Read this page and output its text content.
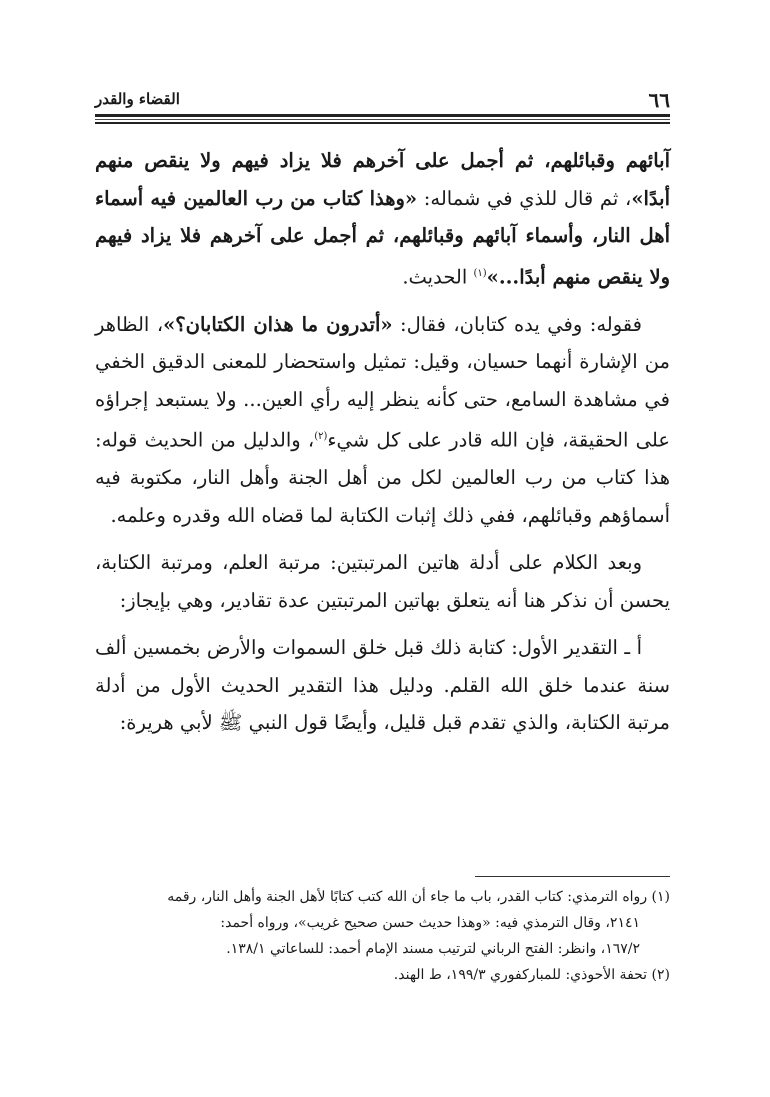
٦٦
القضاء والقدر

آبائهم وقبائلهم، ثم أجمل على آخرهم فلا يزاد فيهم ولا ينقص منهم أبدًا»، ثم قال للذي في شماله: «وهذا كتاب من رب العالمين فيه أسماء أهل النار، وأسماء آبائهم وقبائلهم، ثم أجمل على آخرهم فلا يزاد فيهم ولا ينقص منهم أبدًا...»$^{(١)}$ الحديث.

فقوله: وفي يده كتابان، فقال: «أتدرون ما هذان الكتابان؟»، الظاهر من الإشارة أنهما حسيان، وقيل: تمثيل واستحضار للمعنى الدقيق الخفي في مشاهدة السامع، حتى كأنه ينظر إليه رأي العين... ولا يستبعد إجراؤه على الحقيقة، فإن الله قادر على كل شيء$^{(٢)}$، والدليل من الحديث قوله: هذا كتاب من رب العالمين لكل من أهل الجنة وأهل النار، مكتوبة فيه أسماؤهم وقبائلهم، ففي ذلك إثبات الكتابة لما قضاه الله وقدره وعلمه.

وبعد الكلام على أدلة هاتين المرتبتين: مرتبة العلم، ومرتبة الكتابة، يحسن أن نذكر هنا أنه يتعلق بهاتين المرتبتين عدة تقادير، وهي بإيجاز:

أ ـ التقدير الأول: كتابة ذلك قبل خلق السموات والأرض بخمسين ألف سنة عندما خلق الله القلم. ودليل هذا التقدير الحديث الأول من أدلة مرتبة الكتابة، والذي تقدم قبل قليل، وأيضًا قول النبي ﷺ لأبي هريرة:

(١) رواه الترمذي: كتاب القدر، باب ما جاء أن الله كتب كتابًا لأهل الجنة وأهل النار، رقمه

٢١٤١، وقال الترمذي فيه: «وهذا حديث حسن صحيح غريب»، ورواه أحمد:

١٦٧/٢، وانظر: الفتح الرباني لترتيب مسند الإمام أحمد: للساعاتي ١٣٨/١.

(٢) تحفة الأحوذي: للمباركفوري ١٩٩/٣، ط الهند.
